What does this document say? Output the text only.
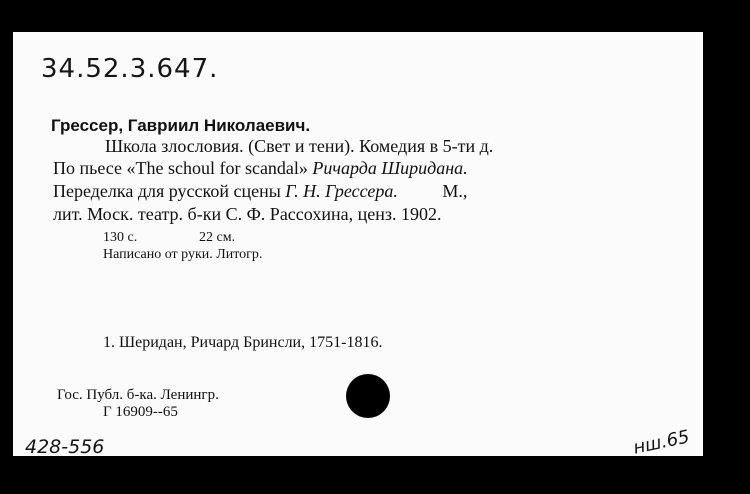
34.52.3.647.
Грессер, Гавриил Николаевич.
Школа злословия. (Свет и тени). Комедия в 5-ти д.
По пьесе «The schoul for scandal» Ричарда Ширидана.
Переделка для русской сцены Г. Н. Грессера. М.,
лит. Моск. театр. б-ки С. Ф. Рассохина, ценз. 1902.
130 с.	22 см.
Написано от руки. Литогр.
1. Шеридан, Ричард Бринсли, 1751-1816.
Гос. Публ. б-ка. Ленингр.
Г 16909--65
428-556	нш.65
